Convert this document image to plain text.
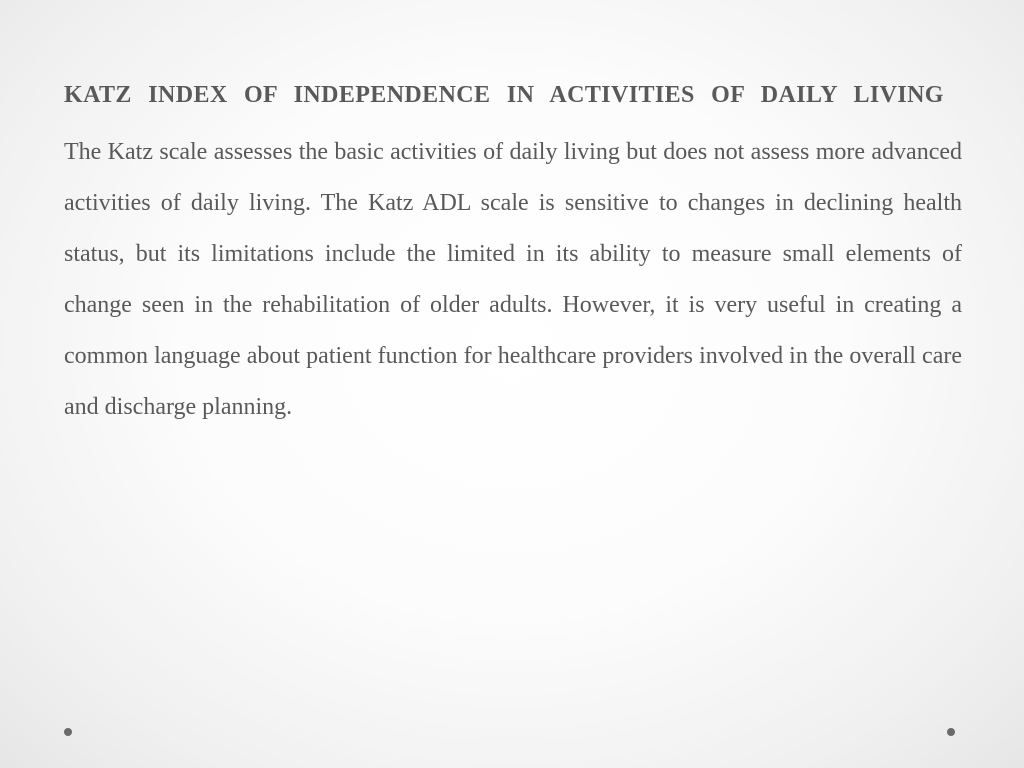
KATZ INDEX OF INDEPENDENCE IN ACTIVITIES OF DAILY LIVING

The Katz scale assesses the basic activities of daily living but does not assess more advanced activities of daily living. The Katz ADL scale is sensitive to changes in declining health status, but its limitations include the limited in its ability to measure small elements of change seen in the rehabilitation of older adults. However, it is very useful in creating a common language about patient function for healthcare providers involved in the overall care and discharge planning.
